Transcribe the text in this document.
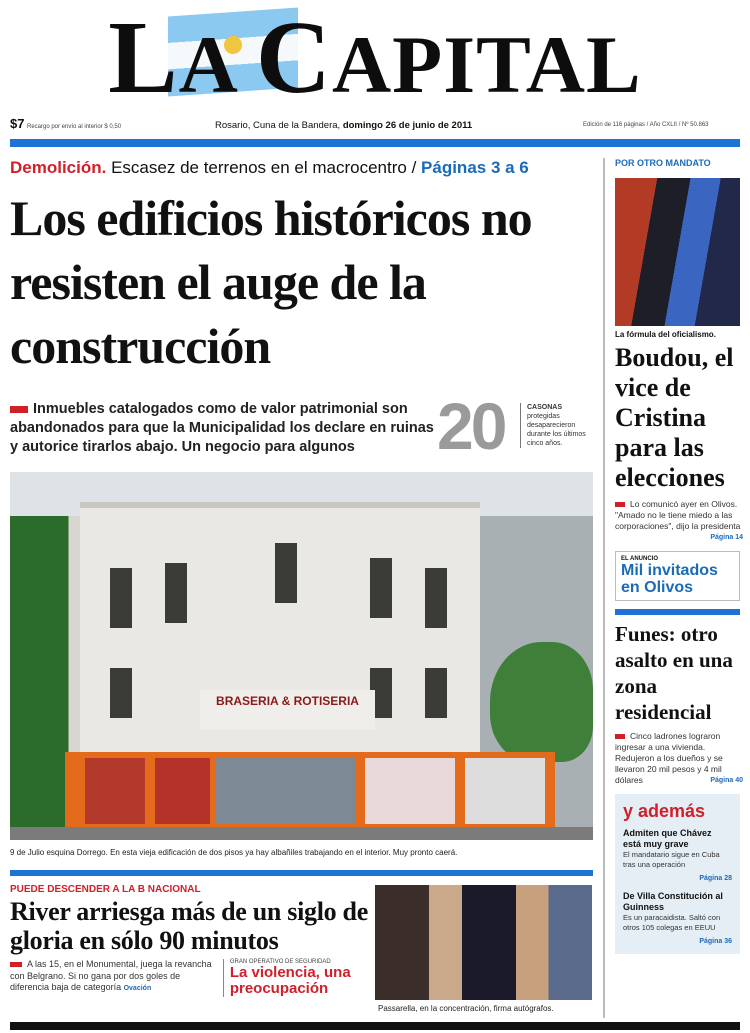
LA CAPITAL
$7 Recargo por envío al interior $ 0,50	Rosario, Cuna de la Bandera, domingo 26 de junio de 2011	Edición de 116 páginas / Año CXLII / Nº 50.863
Demolición. Escasez de terrenos en el macrocentro / Páginas 3 a 6
Los edificios históricos no resisten el auge de la construcción
Inmuebles catalogados como de valor patrimonial son abandonados para que la Municipalidad los declare en ruinas y autorice tirarlos abajo. Un negocio para algunos	20	CASONAS
protegidas desaparecieron durante los últimos cinco años.
BRASERIA & ROTISERIA
9 de Julio esquina Dorrego. En esta vieja edificación de dos pisos ya hay albañiles trabajando en el interior. Muy pronto caerá.
PUEDE DESCENDER A LA B NACIONAL
River arriesga más de un siglo de gloria en sólo 90 minutos
A las 15, en el Monumental, juega la revancha con Belgrano. Si no gana por dos goles de diferencia baja de categoría Ovación
GRAN OPERATIVO DE SEGURIDAD
La violencia, una preocupación
Passarella, en la concentración, firma autógrafos.
POR OTRO MANDATO
La fórmula del oficialismo.
Boudou, el vice de Cristina para las elecciones
Lo comunicó ayer en Olivos. "Amado no le tiene miedo a las corporaciones", dijo la presidenta
Página 14
EL ANUNCIO
Mil invitados en Olivos
Funes: otro asalto en una zona residencial
Cinco ladrones lograron ingresar a una vivienda. Redujeron a los dueños y se llevaron 20 mil pesos y 4 mil dólares	Página 40
y además
Admiten que Chávez está muy grave
El mandatario sigue en Cuba tras una operación
Página 28
De Villa Constitución al Guinness
Es un paracaidista. Saltó con otros 105 colegas en EEUU
Página 36
